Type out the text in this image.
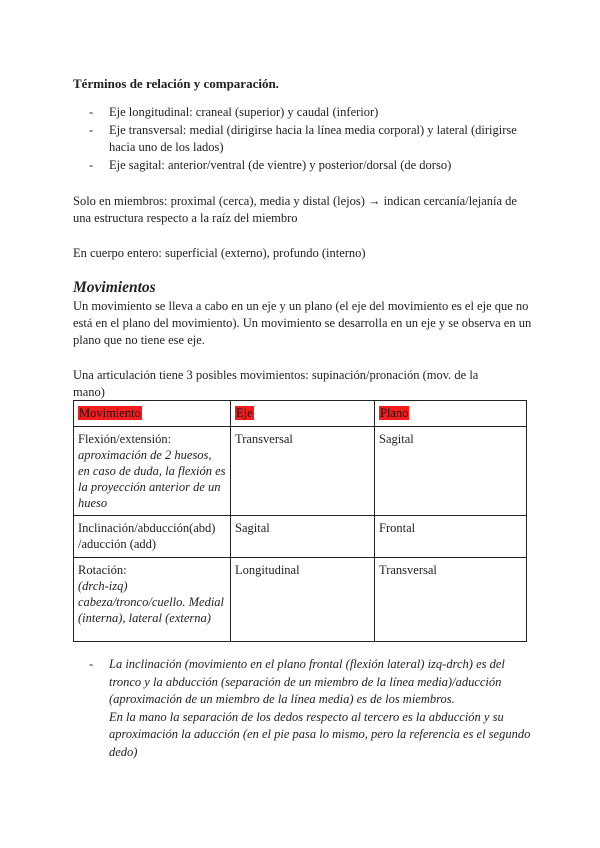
Términos de relación y comparación.
- Eje longitudinal: craneal (superior) y caudal (inferior)
- Eje transversal: medial (dirigirse hacia la línea media corporal) y lateral (dirigirse hacia uno de los lados)
- Eje sagital: anterior/ventral (de vientre) y posterior/dorsal (de dorso)
Solo en miembros: proximal (cerca), media y distal (lejos) → indican cercanía/lejanía de una estructura respecto a la raíz del miembro
En cuerpo entero: superficial (externo), profundo (interno)
Movimientos
Un movimiento se lleva a cabo en un eje y un plano (el eje del movimiento es el eje que no está en el plano del movimiento). Un movimiento se desarrolla en un eje y se observa en un plano que no tiene ese eje.
Una articulación tiene 3 posibles movimientos: supinación/pronación (mov. de la mano)
Movimiento	Eje	Plano

Flexión/extensión:
aproximación de 2 huesos, en caso de duda, la flexión es la proyección anterior de un hueso	Transversal	Sagital

Inclinación/abducción(abd) /aducción (add)	Sagital	Frontal

Rotación:
(drch-izq) cabeza/tronco/cuello. Medial (interna), lateral (externa)	Longitudinal	Transversal
- La inclinación (movimiento en el plano frontal (flexión lateral) izq-drch) es del tronco y la abducción (separación de un miembro de la línea media)/aducción (aproximación de un miembro de la línea media) es de los miembros.
En la mano la separación de los dedos respecto al tercero es la abducción y su aproximación la aducción (en el pie pasa lo mismo, pero la referencia es el segundo dedo)
